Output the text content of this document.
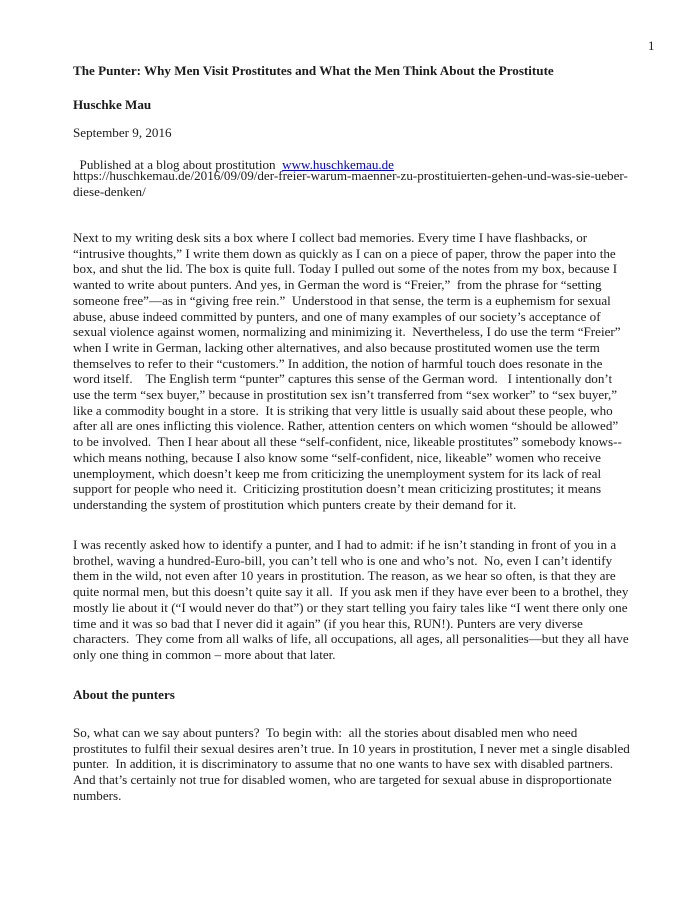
1
The Punter: Why Men Visit Prostitutes and What the Men Think About the Prostitute
Huschke Mau
September 9, 2016

Published at a blog about prostitution  www.huschkemau.de

https://huschkemau.de/2016/09/09/der-freier-warum-maenner-zu-prostituierten-gehen-und-was-sie-ueber-
diese-denken/
Next to my writing desk sits a box where I collect bad memories. Every time I have flashbacks, or
“intrusive thoughts,” I write them down as quickly as I can on a piece of paper, throw the paper into the
box, and shut the lid. The box is quite full. Today I pulled out some of the notes from my box, because I
wanted to write about punters. And yes, in German the word is “Freier,”  from the phrase for “setting
someone free”—as in “giving free rein.”  Understood in that sense, the term is a euphemism for sexual
abuse, abuse indeed committed by punters, and one of many examples of our society’s acceptance of
sexual violence against women, normalizing and minimizing it.  Nevertheless, I do use the term “Freier”
when I write in German, lacking other alternatives, and also because prostituted women use the term
themselves to refer to their “customers.” In addition, the notion of harmful touch does resonate in the
word itself.    The English term “punter” captures this sense of the German word.   I intentionally don’t
use the term “sex buyer,” because in prostitution sex isn’t transferred from “sex worker” to “sex buyer,”
like a commodity bought in a store.  It is striking that very little is usually said about these people, who
after all are ones inflicting this violence. Rather, attention centers on which women “should be allowed”
to be involved.  Then I hear about all these “self-confident, nice, likeable prostitutes” somebody knows--
which means nothing, because I also know some “self-confident, nice, likeable” women who receive
unemployment, which doesn’t keep me from criticizing the unemployment system for its lack of real
support for people who need it.  Criticizing prostitution doesn’t mean criticizing prostitutes; it means
understanding the system of prostitution which punters create by their demand for it.
I was recently asked how to identify a punter, and I had to admit: if he isn’t standing in front of you in a
brothel, waving a hundred-Euro-bill, you can’t tell who is one and who’s not.  No, even I can’t identify
them in the wild, not even after 10 years in prostitution. The reason, as we hear so often, is that they are
quite normal men, but this doesn’t quite say it all.  If you ask men if they have ever been to a brothel, they
mostly lie about it (“I would never do that”) or they start telling you fairy tales like “I went there only one
time and it was so bad that I never did it again” (if you hear this, RUN!). Punters are very diverse
characters.  They come from all walks of life, all occupations, all ages, all personalities—but they all have
only one thing in common – more about that later.
About the punters
So, what can we say about punters?  To begin with:  all the stories about disabled men who need
prostitutes to fulfil their sexual desires aren’t true. In 10 years in prostitution, I never met a single disabled
punter.  In addition, it is discriminatory to assume that no one wants to have sex with disabled partners.
And that’s certainly not true for disabled women, who are targeted for sexual abuse in disproportionate
numbers.
